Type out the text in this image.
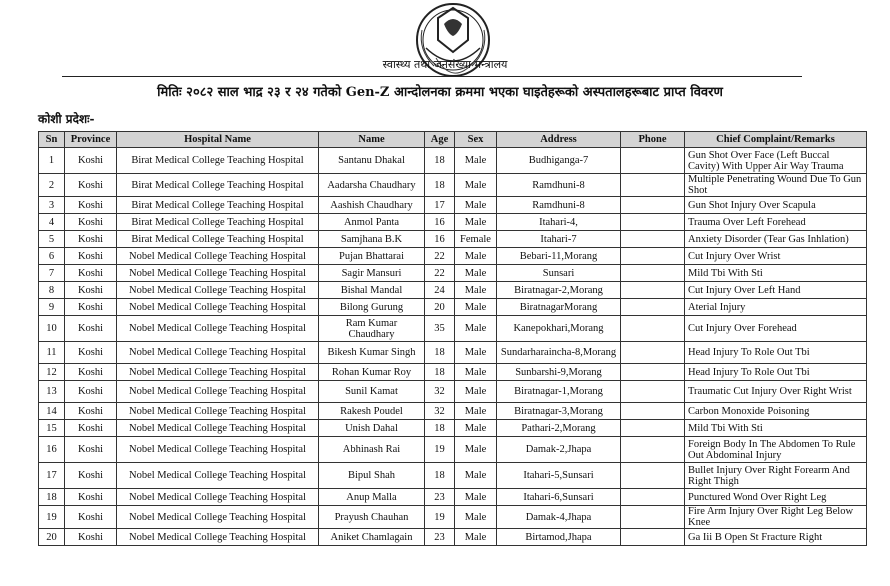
स्वास्थ्य तथा जनसंख्या मन्त्रालय
मितिः २०८२ साल भाद्र २३ र २४ गतेको Gen-Z आन्दोलनका क्रममा भएका घाइतेहरूको अस्पतालहरूबाट प्राप्त विवरण
कोशी प्रदेशः-
Sn	Province	Hospital Name	Name	Age	Sex	Address	Phone	Chief Complaint/Remarks
1	Koshi	Birat Medical College Teaching Hospital	Santanu Dhakal	18	Male	Budhiganga-7		Gun Shot Over Face (Left Buccal Cavity) With Upper Air Way Trauma
2	Koshi	Birat Medical College Teaching Hospital	Aadarsha Chaudhary	18	Male	Ramdhuni-8		Multiple Penetrating Wound Due To Gun Shot
3	Koshi	Birat Medical College Teaching Hospital	Aashish Chaudhary	17	Male	Ramdhuni-8		Gun Shot Injury Over Scapula
4	Koshi	Birat Medical College Teaching Hospital	Anmol Panta	16	Male	Itahari-4,		Trauma Over Left Forehead
5	Koshi	Birat Medical College Teaching Hospital	Samjhana B.K	16	Female	Itahari-7		Anxiety Disorder (Tear Gas Inhlation)
6	Koshi	Nobel Medical College Teaching Hospital	Pujan Bhattarai	22	Male	Bebari-11,Morang		Cut Injury Over Wrist
7	Koshi	Nobel Medical College Teaching Hospital	Sagir Mansuri	22	Male	Sunsari		Mild Tbi With Sti
8	Koshi	Nobel Medical College Teaching Hospital	Bishal Mandal	24	Male	Biratnagar-2,Morang		Cut Injury Over Left Hand
9	Koshi	Nobel Medical College Teaching Hospital	Bilong Gurung	20	Male	BiratnagarMorang		Aterial Injury
10	Koshi	Nobel Medical College Teaching Hospital	Ram Kumar Chaudhary	35	Male	Kanepokhari,Morang		Cut Injury Over Forehead
11	Koshi	Nobel Medical College Teaching Hospital	Bikesh Kumar Singh	18	Male	Sundarharaincha-8,Morang		Head Injury To Role Out Tbi
12	Koshi	Nobel Medical College Teaching Hospital	Rohan Kumar Roy	18	Male	Sunbarshi-9,Morang		Head Injury To Role Out Tbi
13	Koshi	Nobel Medical College Teaching Hospital	Sunil Kamat	32	Male	Biratnagar-1,Morang		Traumatic Cut Injury Over Right Wrist
14	Koshi	Nobel Medical College Teaching Hospital	Rakesh Poudel	32	Male	Biratnagar-3,Morang		Carbon Monoxide Poisoning
15	Koshi	Nobel Medical College Teaching Hospital	Unish Dahal	18	Male	Pathari-2,Morang		Mild Tbi With Sti
16	Koshi	Nobel Medical College Teaching Hospital	Abhinash Rai	19	Male	Damak-2,Jhapa		Foreign Body In The Abdomen To Rule Out Abdominal Injury
17	Koshi	Nobel Medical College Teaching Hospital	Bipul Shah	18	Male	Itahari-5,Sunsari		Bullet Injury Over Right Forearm And Right Thigh
18	Koshi	Nobel Medical College Teaching Hospital	Anup Malla	23	Male	Itahari-6,Sunsari		Punctured Wond Over Right Leg
19	Koshi	Nobel Medical College Teaching Hospital	Prayush Chauhan	19	Male	Damak-4,Jhapa		Fire Arm Injury Over Right Leg Below Knee
20	Koshi	Nobel Medical College Teaching Hospital	Aniket Chamlagain	23	Male	Birtamod,Jhapa		Ga Iii B Open St Fracture Right
